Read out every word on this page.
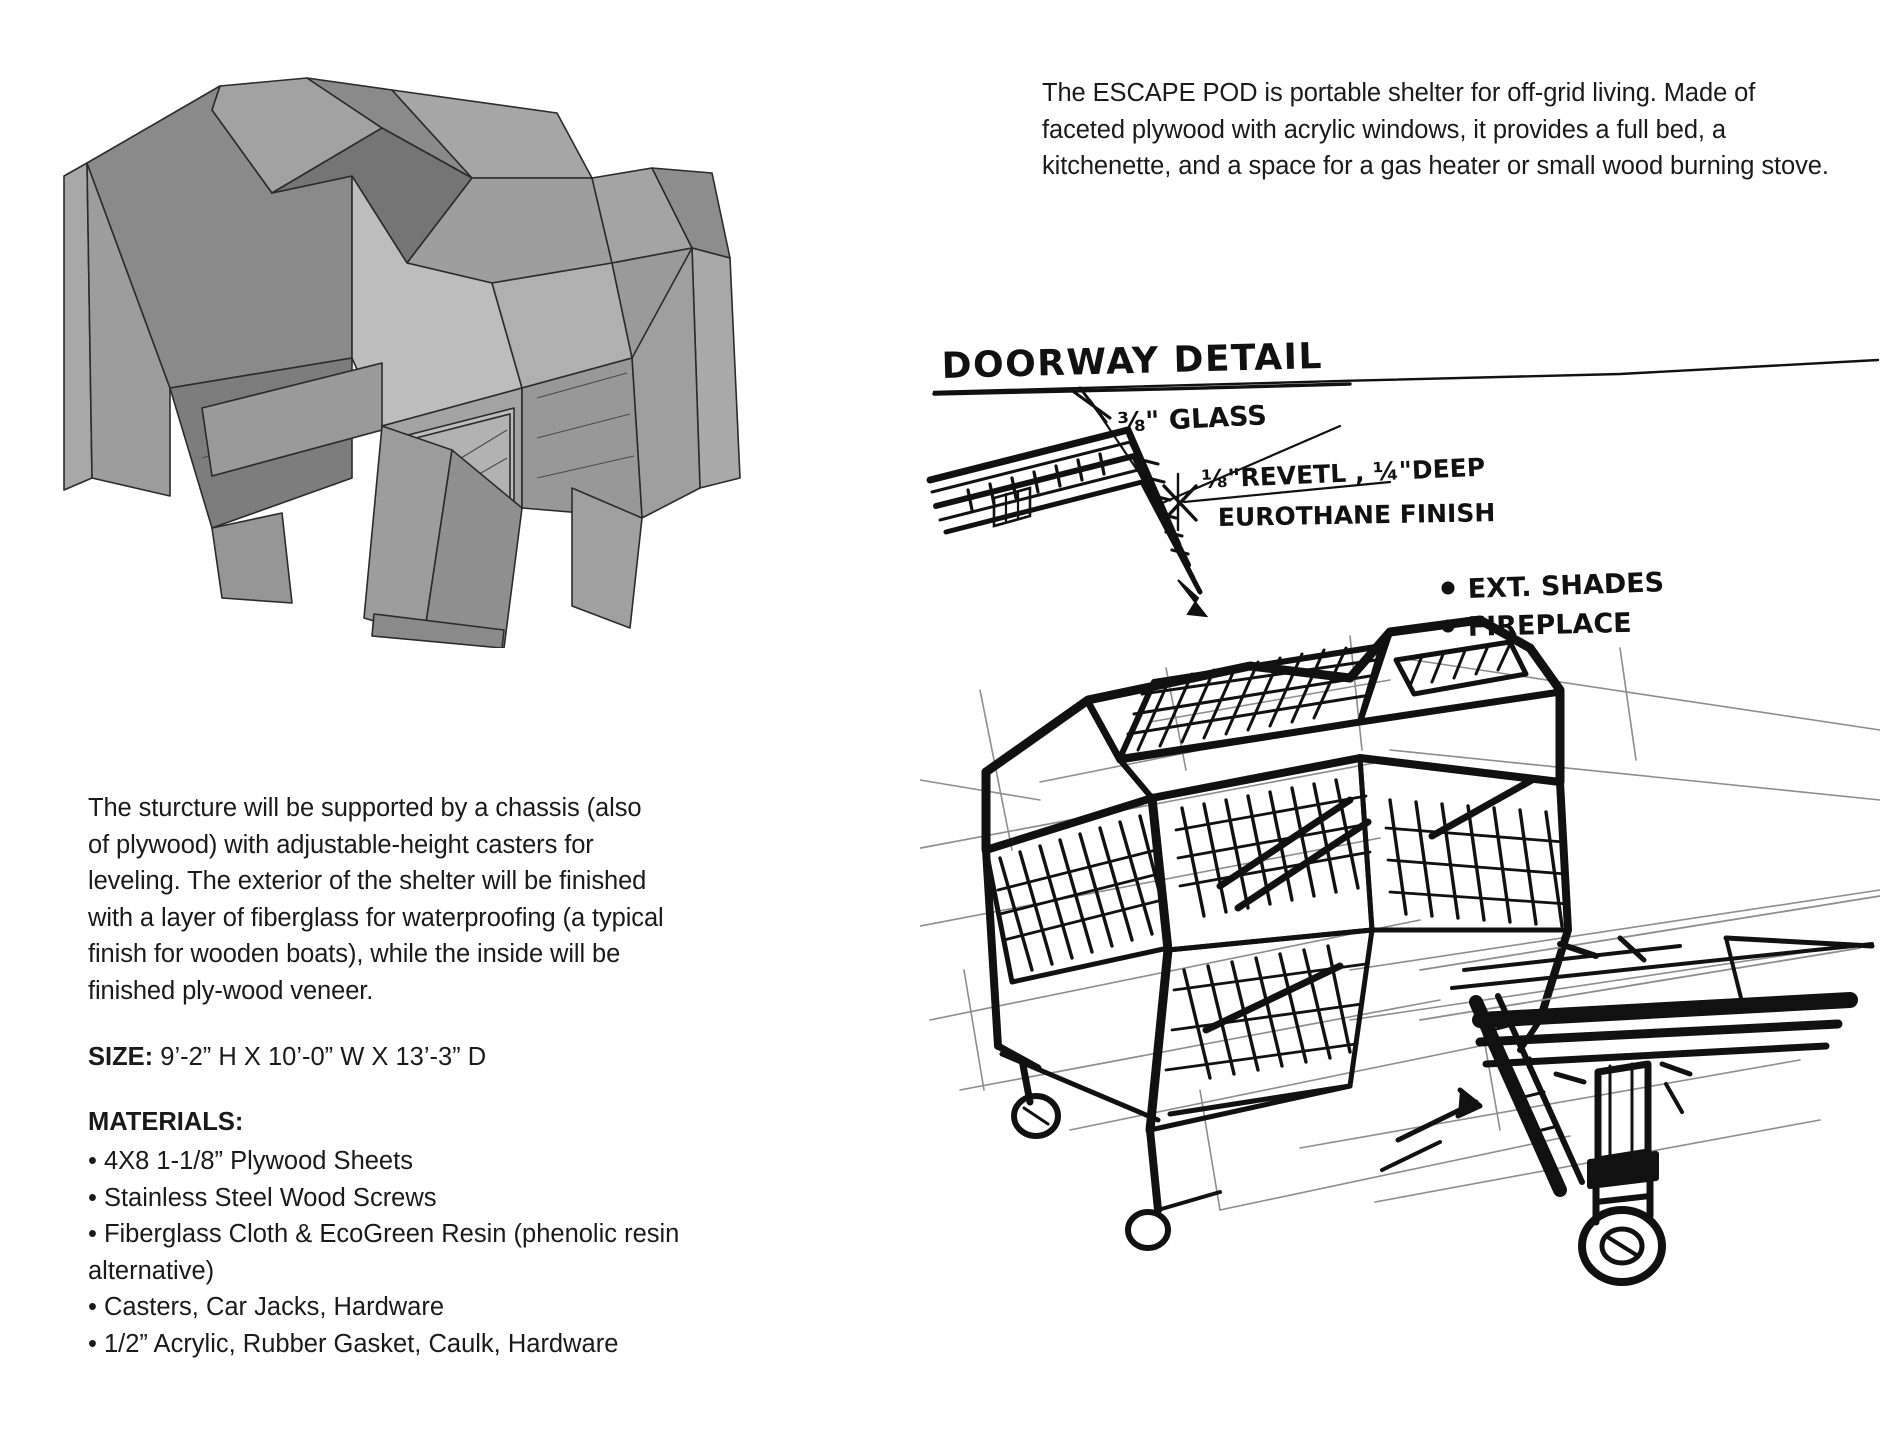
The sturcture will be supported by a chassis (also of plywood) with adjustable-height casters for leveling. The exterior of the shelter will be finished with a layer of fiberglass for waterproofing (a typical finish for wooden boats), while the inside will be finished ply-wood veneer.

SIZE: 9’-2” H X 10’-0” W X 13’-3” D
MATERIALS:
• 4X8 1-1/8” Plywood Sheets
• Stainless Steel Wood Screws
• Fiberglass Cloth & EcoGreen Resin (phenolic resin alternative)
• Casters, Car Jacks, Hardware
• 1/2” Acrylic, Rubber Gasket, Caulk, Hardware

The ESCAPE POD is portable shelter for off-grid living. Made of faceted plywood with acrylic windows, it provides a full bed, a kitchenette, and a space for a gas heater or small wood burning stove.

DOORWAY DETAIL
⅜" GLASS
⅛"REVETL , ¼"DEEP
EUROTHANE FINISH
EXT. SHADES
FIREPLACE
